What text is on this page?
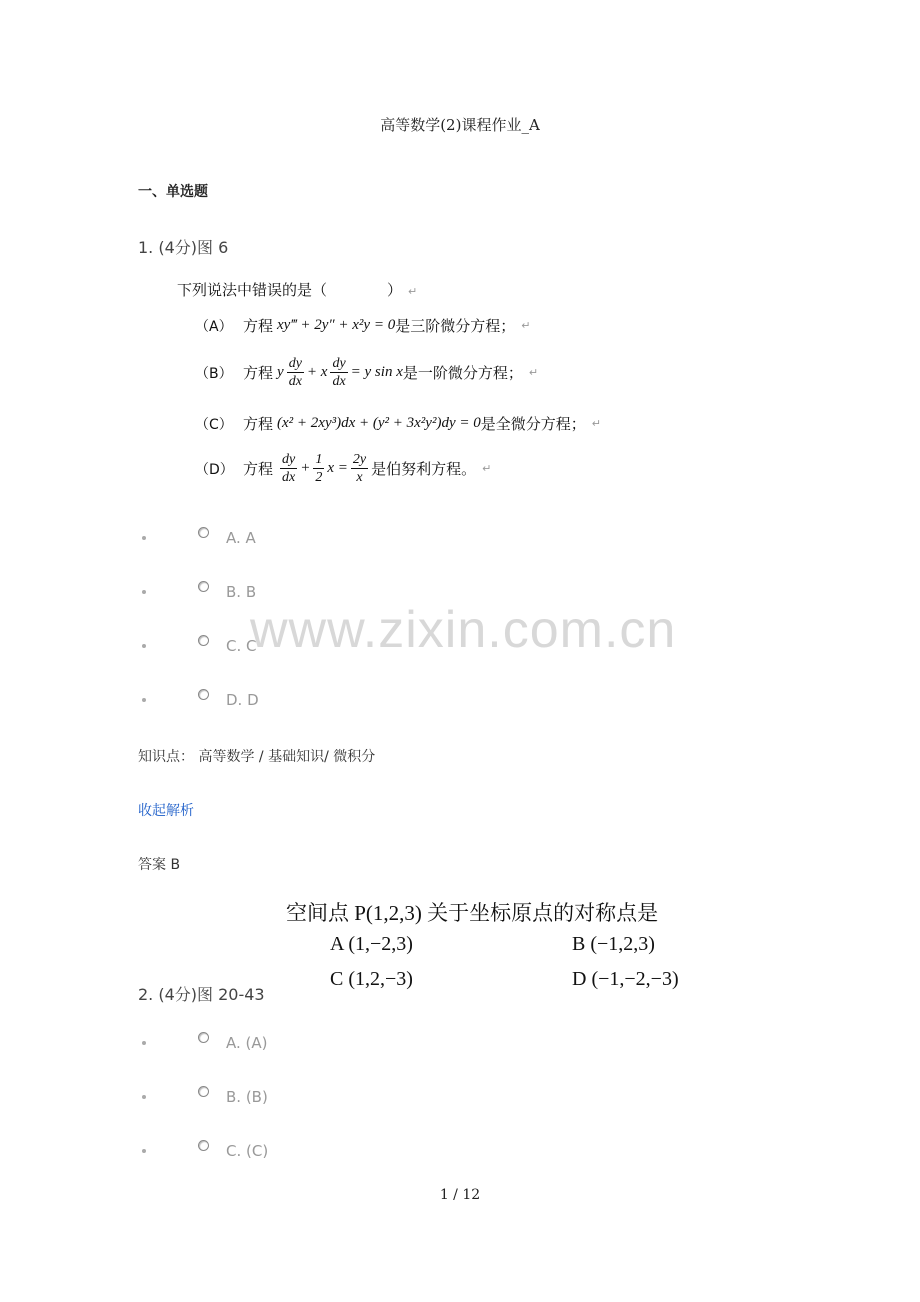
高等数学(2)课程作业_A
一、单选题
1. (4分)图 6
下列说法中错误的是（　　　　） ↵
（A） 方程 xy‴ + 2y″ + x²y = 0 是三阶微分方程； ↵
（B） 方程 y $\frac{dy}{dx} + x \frac{dy}{dx} = y$ sin x 是一阶微分方程； ↵
（C） 方程 (x² + 2xy³)dx + (y² + 3x²y²)dy = 0 是全微分方程； ↵
（D） 方程 $\frac{dy}{dx} + \frac{1}{2}$ $x = \frac{2y}{x}$ 是伯努利方程。 ↵
A. A
B. B
C. C
D. D
www.zixin.com.cn
知识点： 高等数学 / 基础知识/ 微积分
收起解析
答案 B
空间点 P(1,2,3) 关于坐标原点的对称点是
A (1,−2,3)	B (−1,2,3)
C (1,2,−3)	D (−1,−2,−3)
2. (4分)图 20-43
A. (A)
B. (B)
C. (C)
1 / 12
